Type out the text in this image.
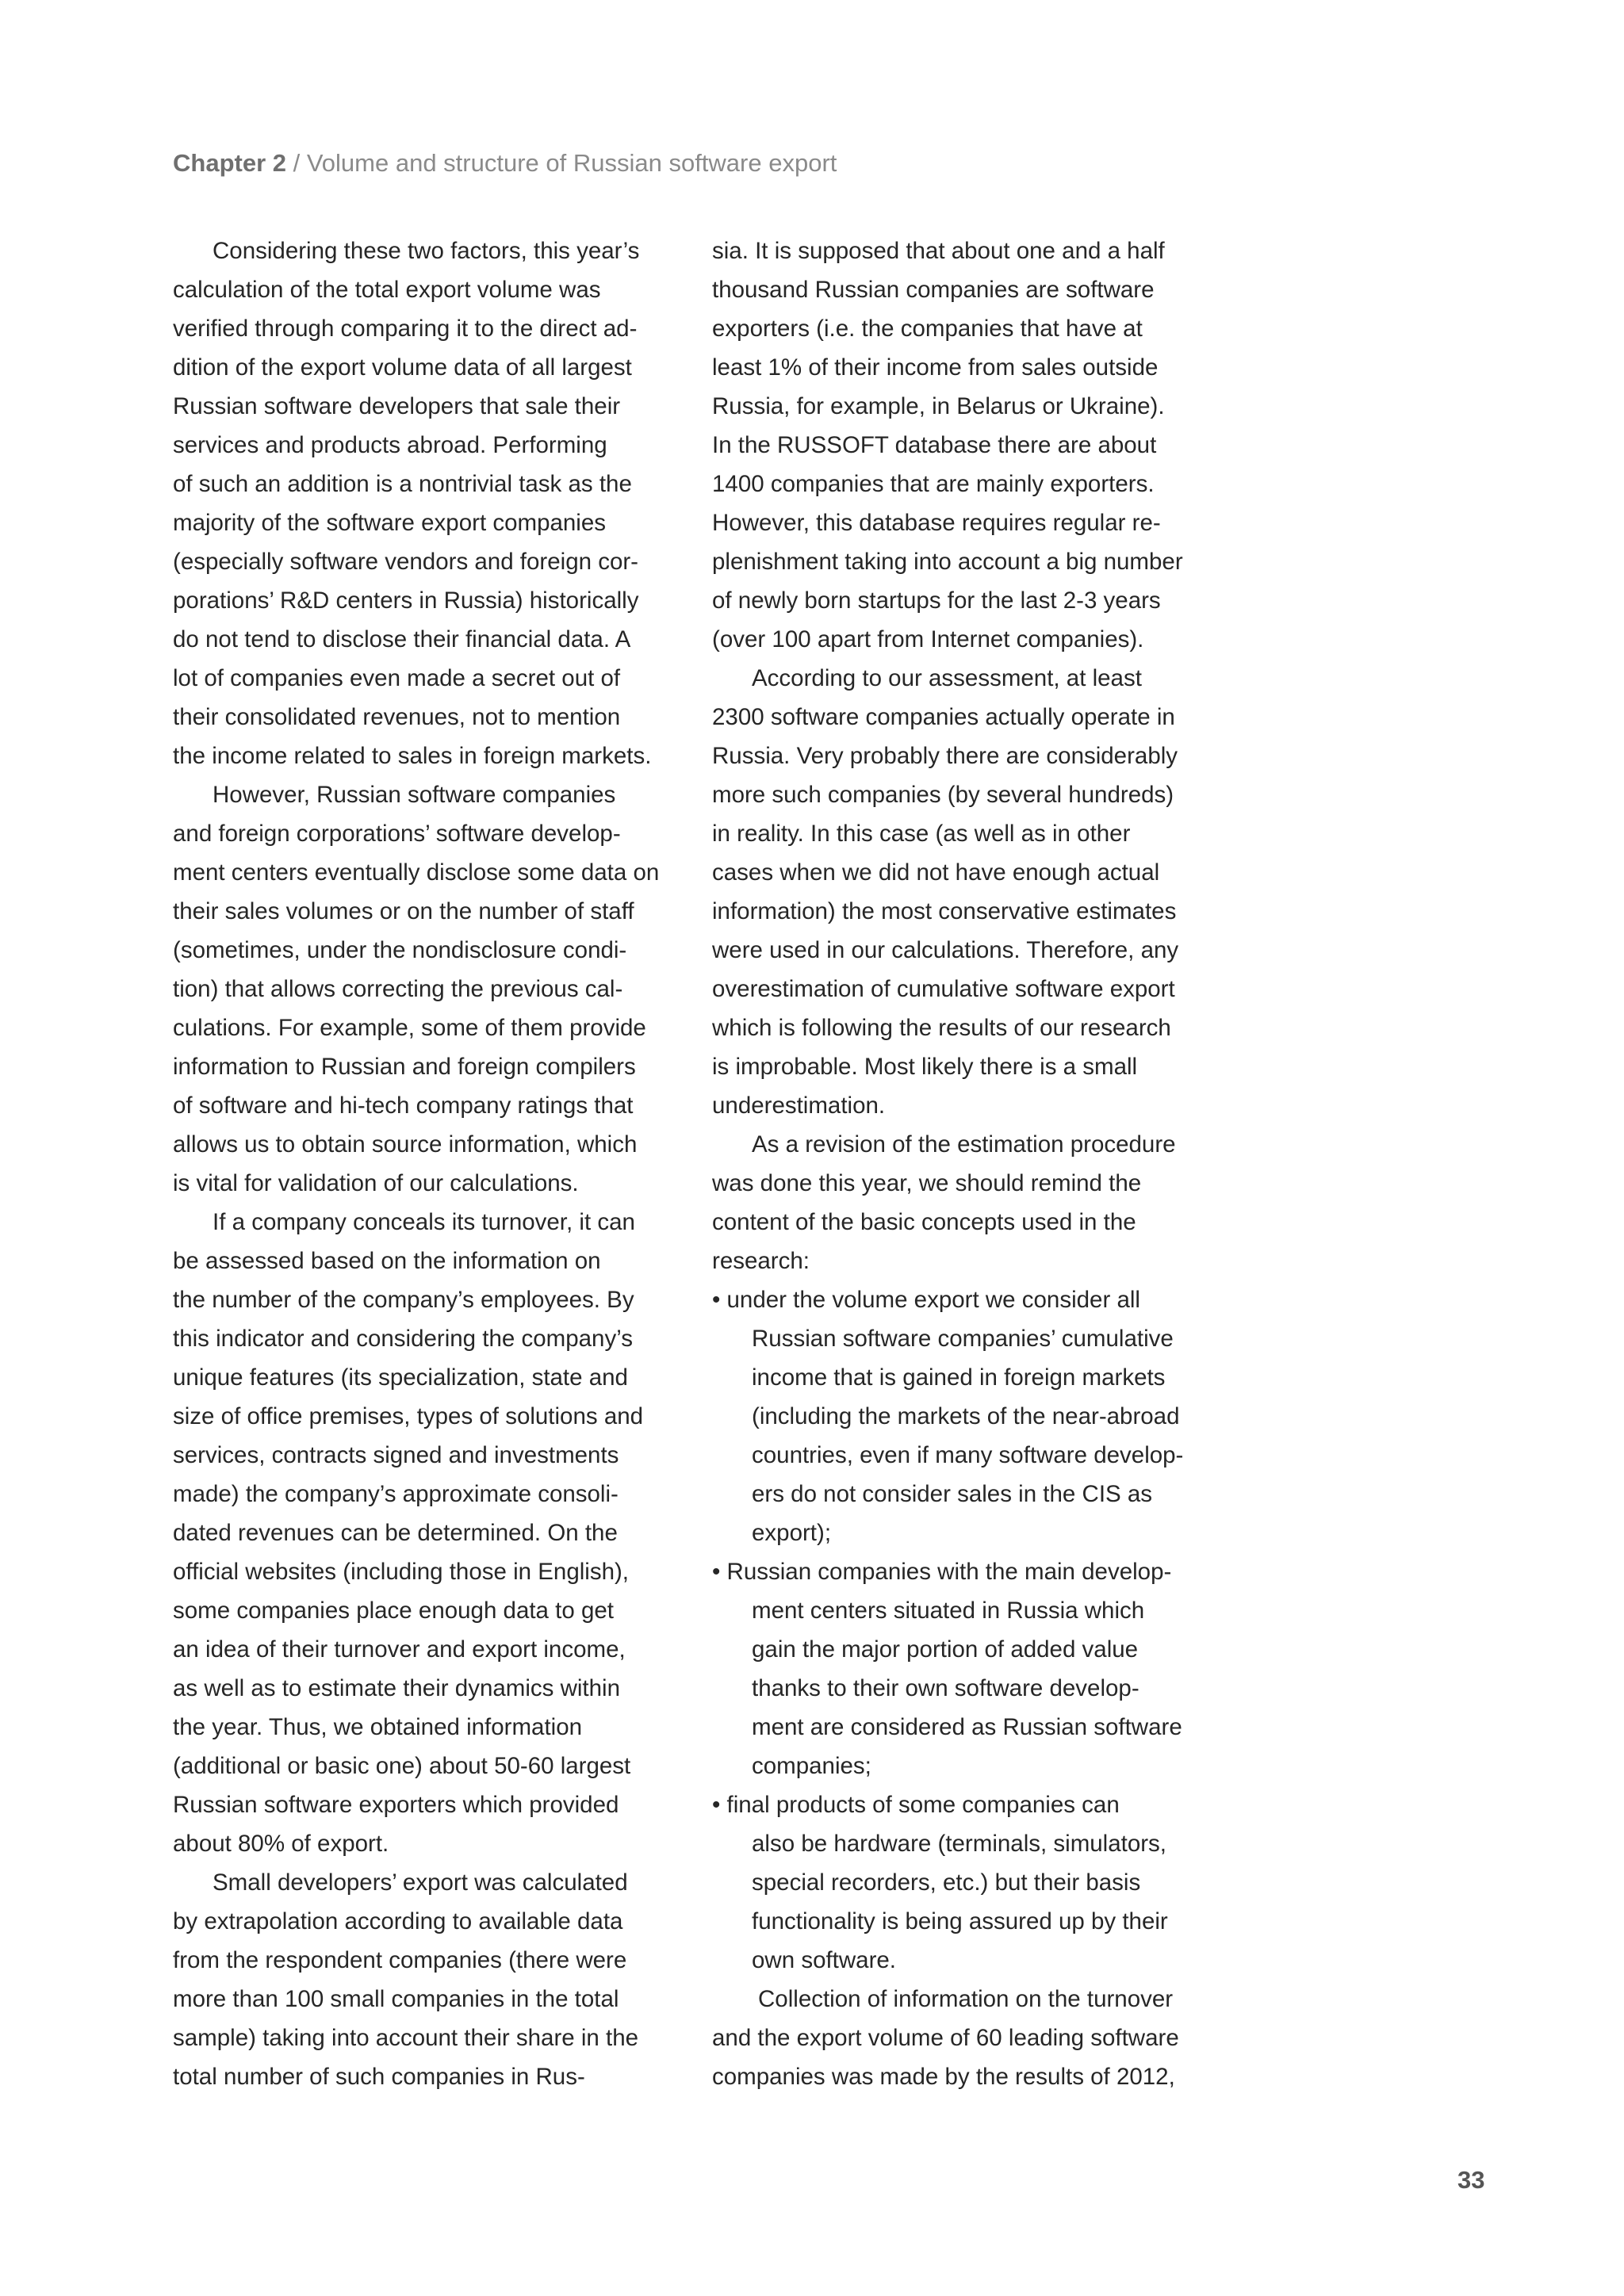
Chapter 2 / Volume and structure of Russian software export
Considering these two factors, this year’s
calculation of the total export volume was
verified through comparing it to the direct ad-
dition of the export volume data of all largest
Russian software developers that sale their
services and products abroad. Performing
of such an addition is a nontrivial task as the
majority of the software export companies
(especially software vendors and foreign cor-
porations’ R&D centers in Russia) historically
do not tend to disclose their financial data. A
lot of companies even made a secret out of
their consolidated revenues, not to mention
the income related to sales in foreign markets.
However, Russian software companies
and foreign corporations’ software develop-
ment centers eventually disclose some data on
their sales volumes or on the number of staff
(sometimes, under the nondisclosure condi-
tion) that allows correcting the previous cal-
culations. For example, some of them provide
information to Russian and foreign compilers
of software and hi-tech company ratings that
allows us to obtain source information, which
is vital for validation of our calculations.
If a company conceals its turnover, it can
be assessed based on the information on
the number of the company’s employees. By
this indicator and considering the company’s
unique features (its specialization, state and
size of office premises, types of solutions and
services, contracts signed and investments
made) the company’s approximate consoli-
dated revenues can be determined. On the
official websites (including those in English),
some companies place enough data to get
an idea of their turnover and export income,
as well as to estimate their dynamics within
the year. Thus, we obtained information
(additional or basic one) about 50-60 largest
Russian software exporters which provided
about 80% of export.
Small developers’ export was calculated
by extrapolation according to available data
from the respondent companies (there were
more than 100 small companies in the total
sample) taking into account their share in the
total number of such companies in Rus-
sia. It is supposed that about one and a half
thousand Russian companies are software
exporters (i.e. the companies that have at
least 1% of their income from sales outside
Russia, for example, in Belarus or Ukraine).
In the RUSSOFT database there are about
1400 companies that are mainly exporters.
However, this database requires regular re-
plenishment taking into account a big number
of newly born startups for the last 2-3 years
(over 100 apart from Internet companies).
According to our assessment, at least
2300 software companies actually operate in
Russia. Very probably there are considerably
more such companies (by several hundreds)
in reality. In this case (as well as in other
cases when we did not have enough actual
information) the most conservative estimates
were used in our calculations. Therefore, any
overestimation of cumulative software export
which is following the results of our research
is improbable. Most likely there is a small
underestimation.
As a revision of the estimation procedure
was done this year, we should remind the
content of the basic concepts used in the
research:
• under the volume export we consider all
Russian software companies’ cumulative
income that is gained in foreign markets
(including the markets of the near-abroad
countries, even if many software develop-
ers do not consider sales in the CIS as
export);
• Russian companies with the main develop-
ment centers situated in Russia which
gain the major portion of added value
thanks to their own software develop-
ment are considered as Russian software
companies;
• final products of some companies can
also be hardware (terminals, simulators,
special recorders, etc.) but their basis
functionality is being assured up by their
own software.
Collection of information on the turnover
and the export volume of 60 leading software
companies was made by the results of 2012,
33
